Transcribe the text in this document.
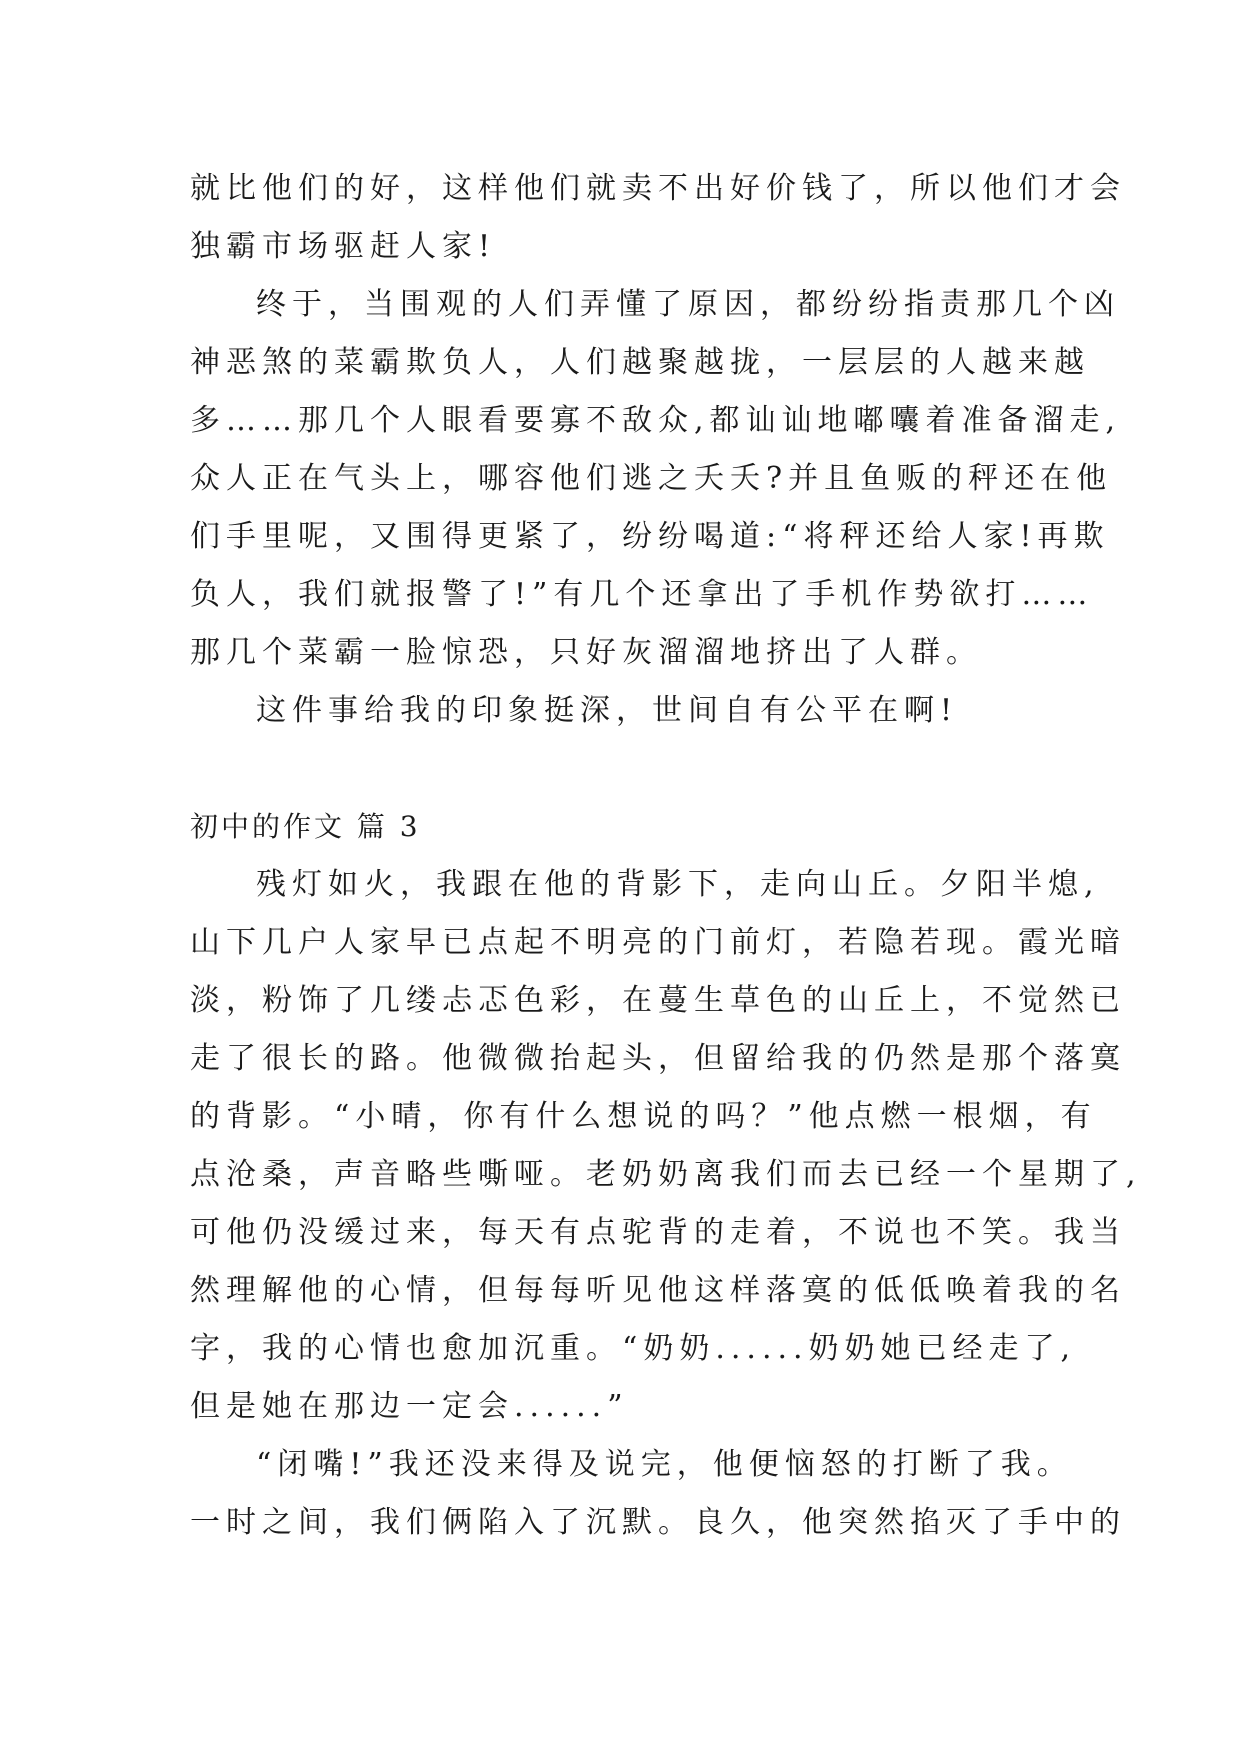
就比他们的好，这样他们就卖不出好价钱了，所以他们才会
独霸市场驱赶人家!
终于，当围观的人们弄懂了原因，都纷纷指责那几个凶
神恶煞的菜霸欺负人，人们越聚越拢，一层层的人越来越
多……那几个人眼看要寡不敌众,都讪讪地嘟囔着准备溜走,
众人正在气头上，哪容他们逃之夭夭?并且鱼贩的秤还在他
们手里呢，又围得更紧了，纷纷喝道:“将秤还给人家!再欺
负人，我们就报警了!”有几个还拿出了手机作势欲打……
那几个菜霸一脸惊恐，只好灰溜溜地挤出了人群。
这件事给我的印象挺深，世间自有公平在啊!
初中的作文 篇 3
残灯如火，我跟在他的背影下，走向山丘。夕阳半熄,
山下几户人家早已点起不明亮的门前灯，若隐若现。霞光暗
淡，粉饰了几缕忐忑色彩，在蔓生草色的山丘上，不觉然已
走了很长的路。他微微抬起头，但留给我的仍然是那个落寞
的背影。“小晴，你有什么想说的吗？”他点燃一根烟，有
点沧桑，声音略些嘶哑。老奶奶离我们而去已经一个星期了,
可他仍没缓过来，每天有点驼背的走着，不说也不笑。我当
然理解他的心情，但每每听见他这样落寞的低低唤着我的名
字，我的心情也愈加沉重。“奶奶......奶奶她已经走了,
但是她在那边一定会......”
“闭嘴!”我还没来得及说完，他便恼怒的打断了我。
一时之间，我们俩陷入了沉默。良久，他突然掐灭了手中的
